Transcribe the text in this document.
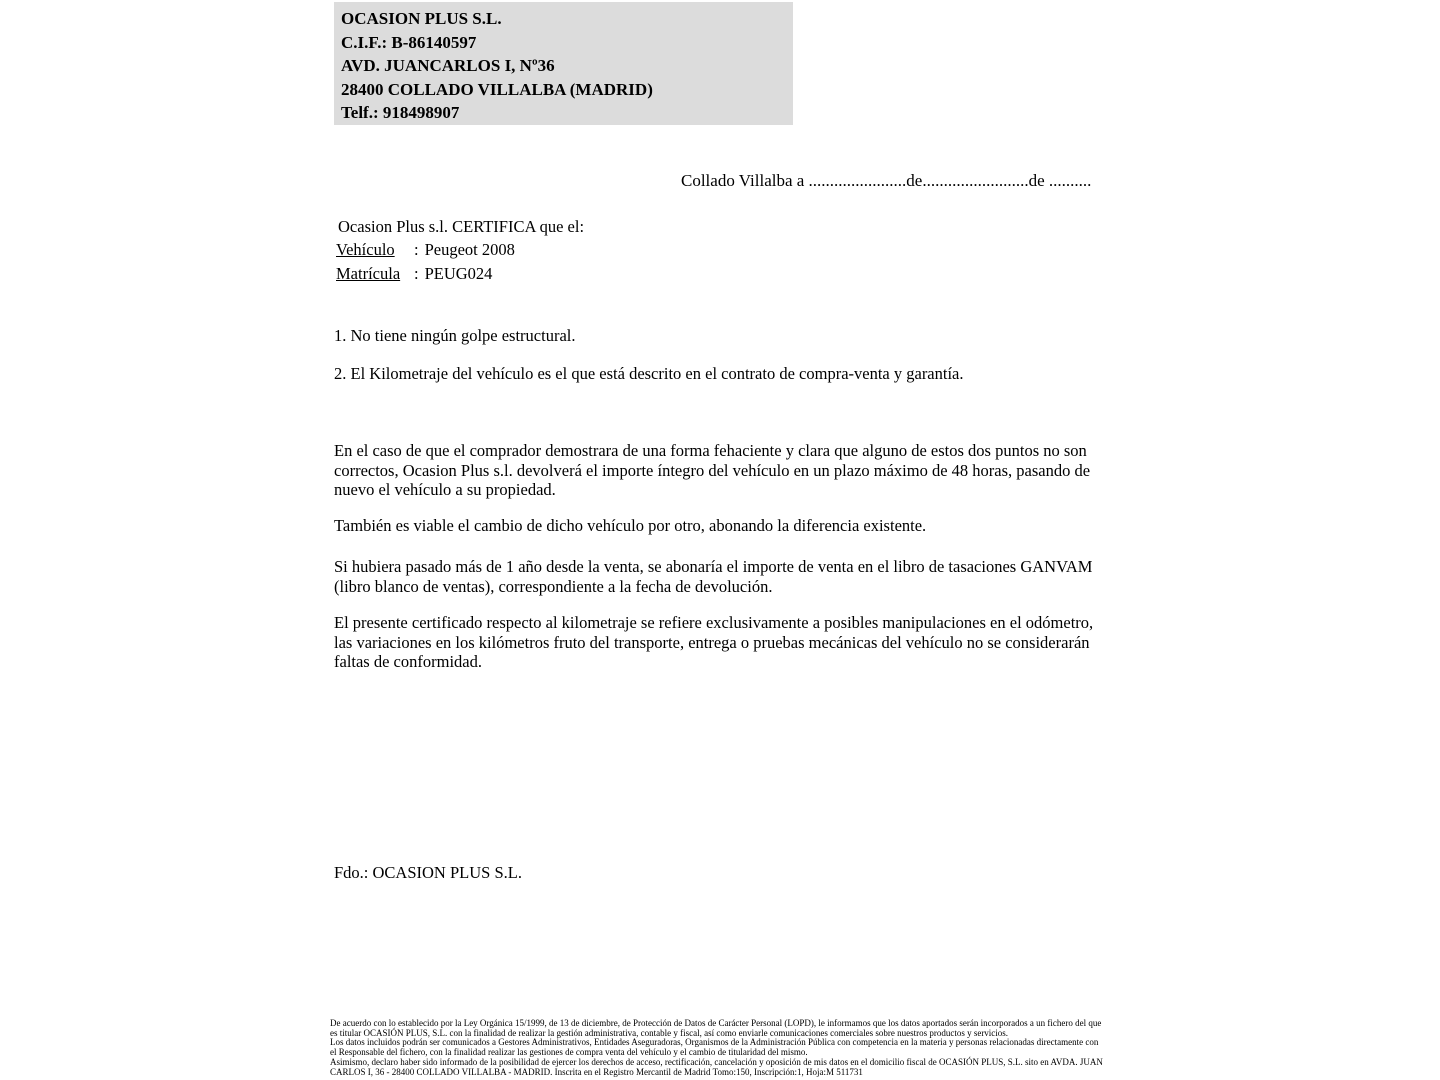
OCASION PLUS S.L.
C.I.F.: B-86140597
AVD. JUANCARLOS I, Nº36
28400 COLLADO VILLALBA (MADRID)
Telf.: 918498907
Collado Villalba a .......................de.........................de ..........
Ocasion Plus s.l. CERTIFICA que el:
Vehículo : Peugeot 2008
Matrícula : PEUG024
1. No tiene ningún golpe estructural.
2. El Kilometraje del vehículo es el que está descrito en el contrato de compra-venta y garantía.
En el caso de que el comprador demostrara de una forma fehaciente y clara que alguno de estos dos puntos no son correctos, Ocasion Plus s.l. devolverá el importe íntegro del vehículo en un plazo máximo de 48 horas, pasando de nuevo el vehículo a su propiedad.
También es viable el cambio de dicho vehículo por otro, abonando la diferencia existente.
Si hubiera pasado más de 1 año desde la venta, se abonaría el importe de venta en el libro de tasaciones GANVAM (libro blanco de ventas), correspondiente a la fecha de devolución.
El presente certificado respecto al kilometraje se refiere exclusivamente a posibles manipulaciones en el odómetro, las variaciones en los kilómetros fruto del transporte, entrega o pruebas mecánicas del vehículo no se considerarán faltas de conformidad.
Fdo.: OCASION PLUS S.L.
De acuerdo con lo establecido por la Ley Orgánica 15/1999, de 13 de diciembre, de Protección de Datos de Carácter Personal (LOPD), le informamos que los datos aportados serán incorporados a un fichero del que es titular OCASIÓN PLUS, S.L. con la finalidad de realizar la gestión administrativa, contable y fiscal, así como enviarle comunicaciones comerciales sobre nuestros productos y servicios.
Los datos incluidos podrán ser comunicados a Gestores Administrativos, Entidades Aseguradoras, Organismos de la Administración Pública con competencia en la materia y personas relacionadas directamente con el Responsable del fichero, con la finalidad realizar las gestiones de compra venta del vehículo y el cambio de titularidad del mismo.
Asimismo, declaro haber sido informado de la posibilidad de ejercer los derechos de acceso, rectificación, cancelación y oposición de mis datos en el domicilio fiscal de OCASIÓN PLUS, S.L. sito en AVDA. JUAN CARLOS I, 36 - 28400 COLLADO VILLALBA - MADRID. Inscrita en el Registro Mercantil de Madrid Tomo:150, Inscripción:1, Hoja:M 511731
